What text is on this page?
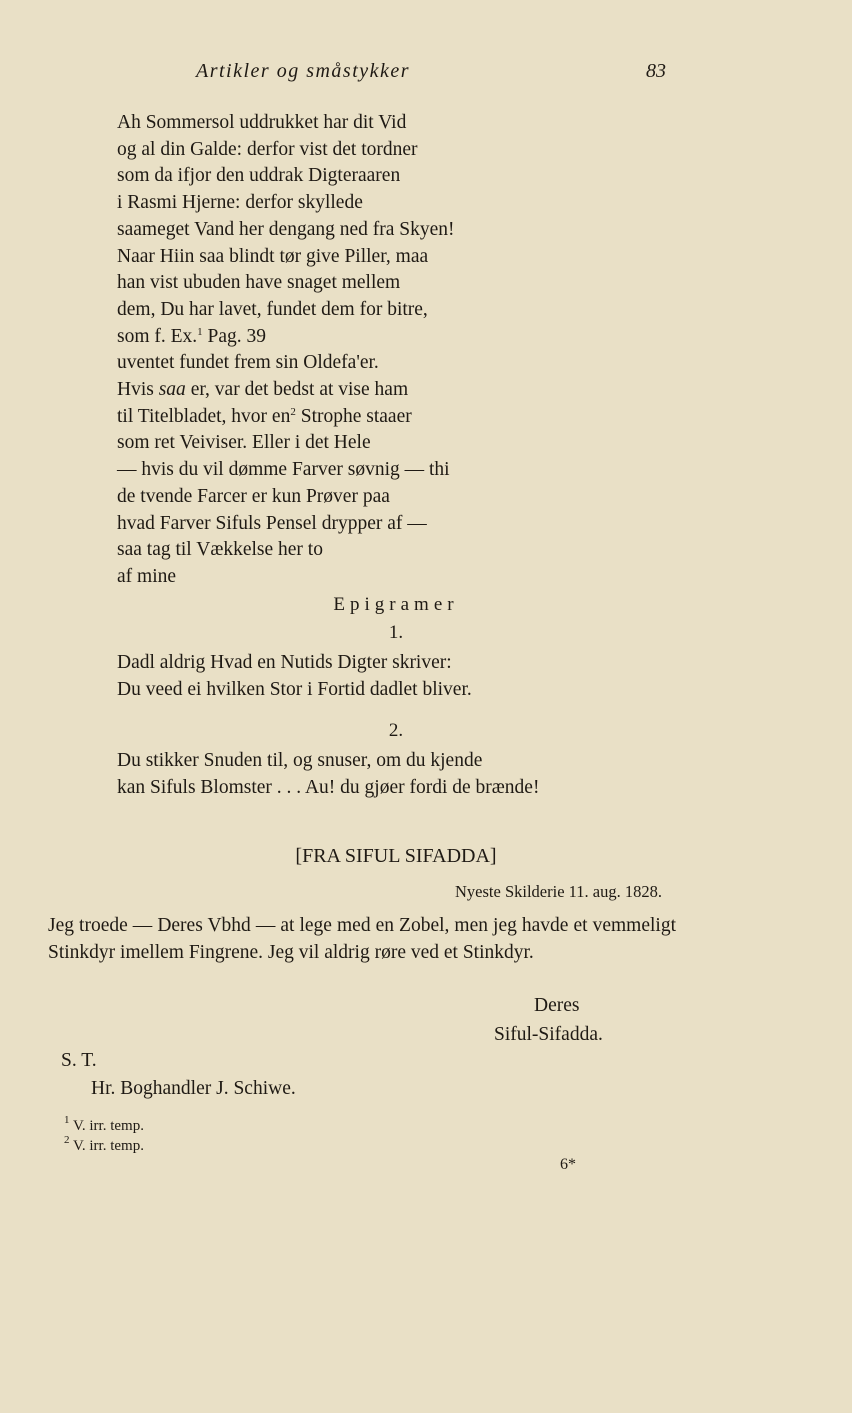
Artikler og småstykker	83
Ah Sommersol uddrukket har dit Vid
og al din Galde: derfor vist det tordner
som da ifjor den uddrak Digteraaren
i Rasmi Hjerne: derfor skyllede
saameget Vand her dengang ned fra Skyen!
Naar Hiin saa blindt tør give Piller, maa
han vist ubuden have snaget mellem
dem, Du har lavet, fundet dem for bitre,
som f. Ex.$^1$ Pag. 39
uventet fundet frem sin Oldefa'er.
Hvis saa er, var det bedst at vise ham
til Titelbladet, hvor $en^2$ Strophe staaer
som ret Veiviser. Eller i det Hele
— hvis du vil dømme Farver søvnig — thi
de tvende Farcer er kun Prøver paa
hvad Farver Sifuls Pensel drypper af —
saa tag til Vækkelse her to
af mine
Epigramer
1.
Dadl aldrig Hvad en Nutids Digter skriver:
Du veed ei hvilken Stor i Fortid dadlet bliver.
2.
Du stikker Snuden til, og snuser, om du kjende
kan Sifuls Blomster . . . Au! du gjøer fordi de brænde!
[FRA SIFUL SIFADDA]
Nyeste Skilderie 11. aug. 1828.
Jeg troede — Deres Vbhd — at lege med en Zobel, men jeg havde et vemmeligt Stinkdyr imellem Fingrene. Jeg vil aldrig røre ved et Stinkdyr.
Deres
Siful-Sifadda.
S. T.
Hr. Boghandler J. Schiwe.
$^1$ V. irr. temp.
$^2$ V. irr. temp.
6*
